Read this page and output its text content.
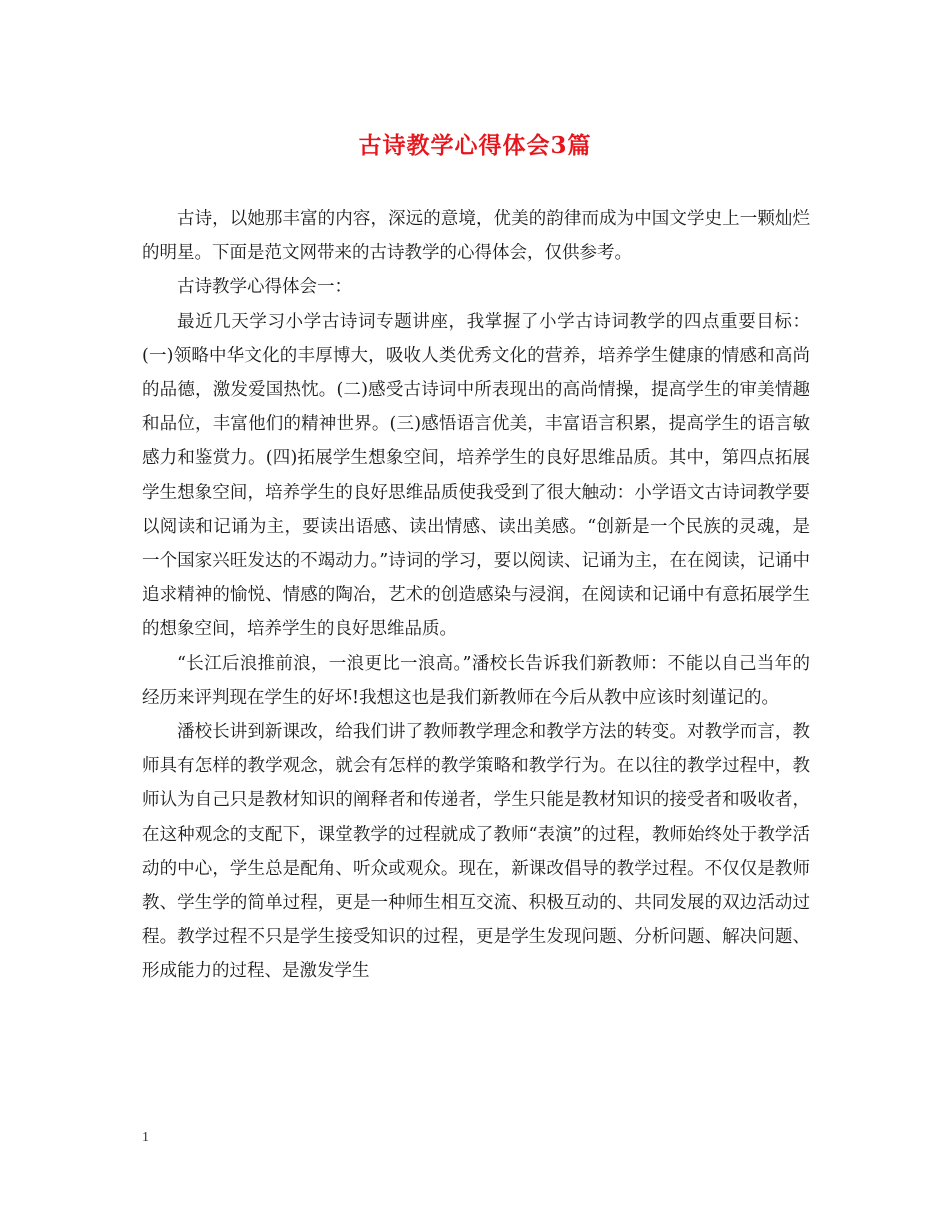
古诗教学心得体会3篇

古诗，以她那丰富的内容，深远的意境，优美的韵律而成为中国文学史上一颗灿烂的明星。下面是范文网带来的古诗教学的心得体会，仅供参考。

古诗教学心得体会一：

最近几天学习小学古诗词专题讲座，我掌握了小学古诗词教学的四点重要目标：(一)领略中华文化的丰厚博大，吸收人类优秀文化的营养，培养学生健康的情感和高尚的品德，激发爱国热忱。(二)感受古诗词中所表现出的高尚情操，提高学生的审美情趣和品位，丰富他们的精神世界。(三)感悟语言优美，丰富语言积累，提高学生的语言敏感力和鉴赏力。(四)拓展学生想象空间，培养学生的良好思维品质。其中，第四点拓展学生想象空间，培养学生的良好思维品质使我受到了很大触动：小学语文古诗词教学要以阅读和记诵为主，要读出语感、读出情感、读出美感。“创新是一个民族的灵魂，是一个国家兴旺发达的不竭动力。”诗词的学习，要以阅读、记诵为主，在在阅读，记诵中追求精神的愉悦、情感的陶冶，艺术的创造感染与浸润，在阅读和记诵中有意拓展学生的想象空间，培养学生的良好思维品质。

“长江后浪推前浪，一浪更比一浪高。”潘校长告诉我们新教师：不能以自己当年的经历来评判现在学生的好坏!我想这也是我们新教师在今后从教中应该时刻谨记的。

潘校长讲到新课改，给我们讲了教师教学理念和教学方法的转变。对教学而言，教师具有怎样的教学观念，就会有怎样的教学策略和教学行为。在以往的教学过程中，教师认为自己只是教材知识的阐释者和传递者，学生只能是教材知识的接受者和吸收者，在这种观念的支配下，课堂教学的过程就成了教师“表演”的过程，教师始终处于教学活动的中心，学生总是配角、听众或观众。现在，新课改倡导的教学过程。不仅仅是教师教、学生学的简单过程，更是一种师生相互交流、积极互动的、共同发展的双边活动过程。教学过程不只是学生接受知识的过程，更是学生发现问题、分析问题、解决问题、形成能力的过程、是激发学生

1
